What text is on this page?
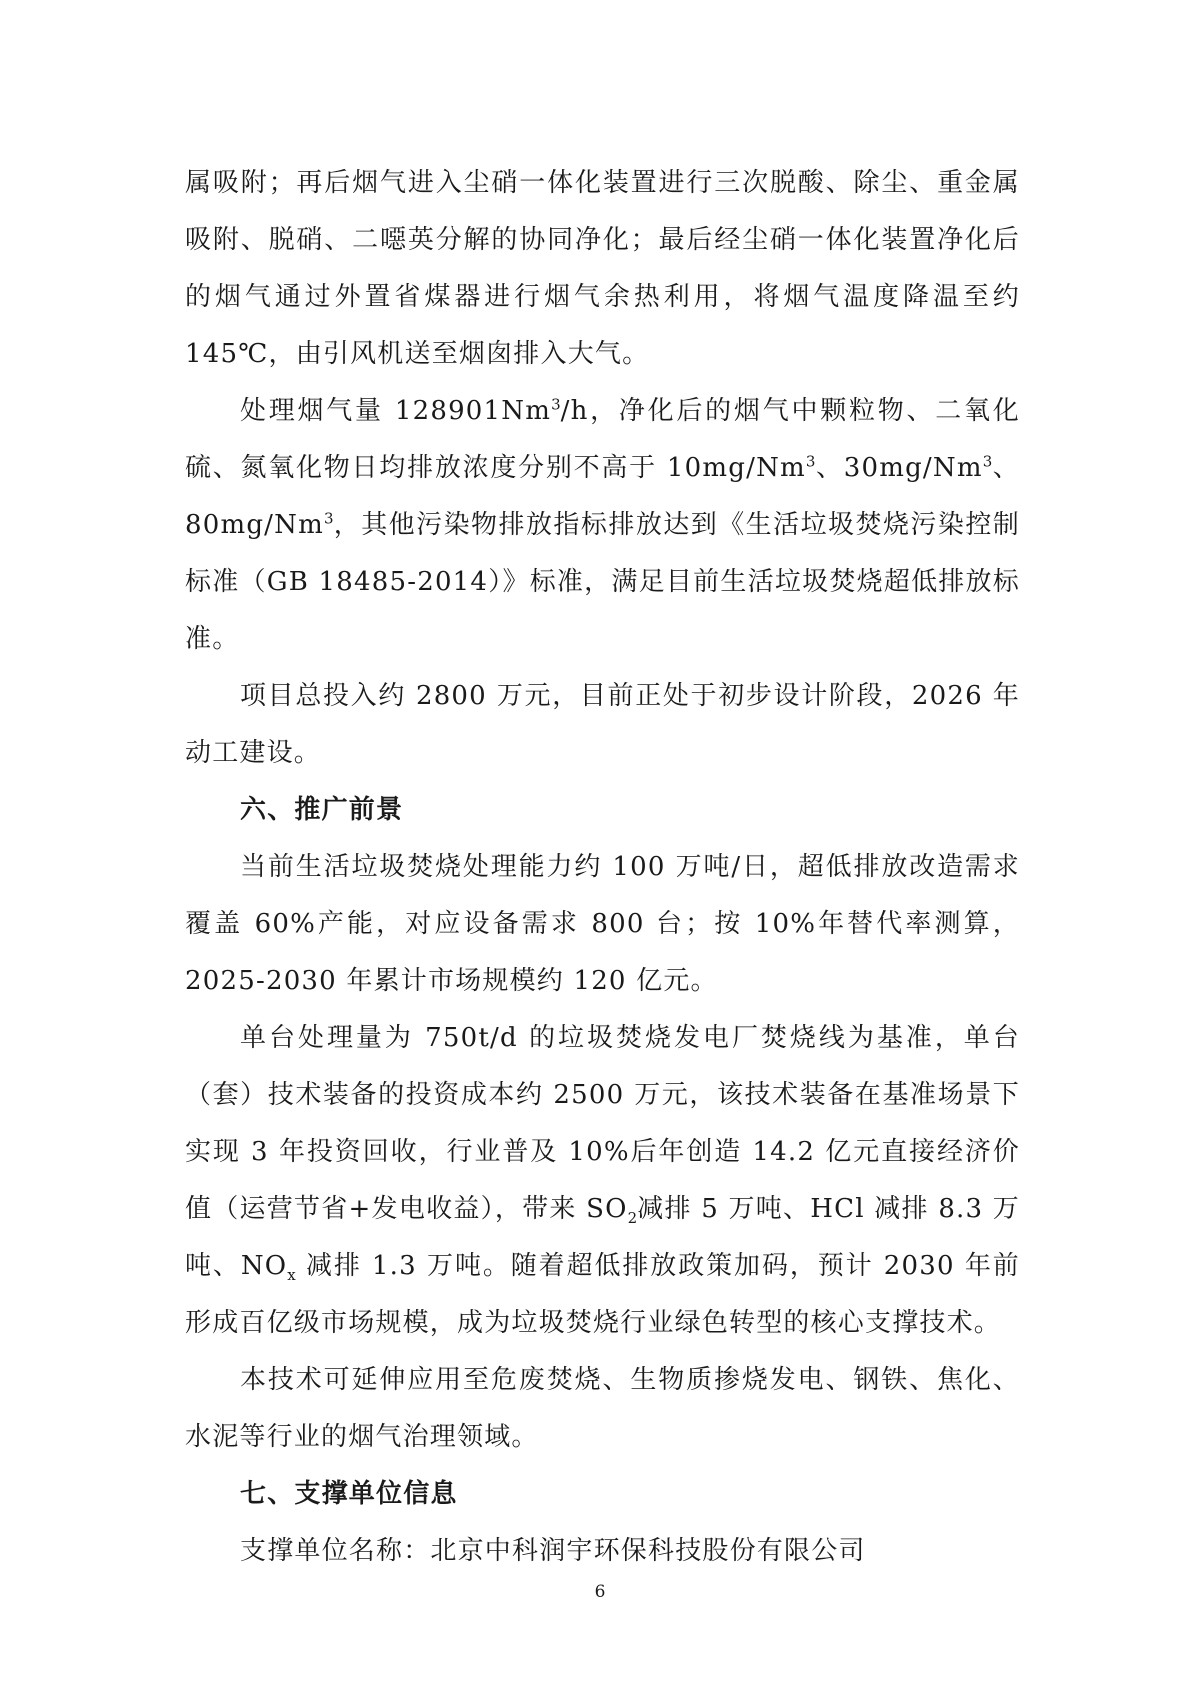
属吸附；再后烟气进入尘硝一体化装置进行三次脱酸、除尘、重金属吸附、脱硝、二噁英分解的协同净化；最后经尘硝一体化装置净化后的烟气通过外置省煤器进行烟气余热利用，将烟气温度降温至约145℃，由引风机送至烟囱排入大气。

处理烟气量 128901Nm$^3$/h，净化后的烟气中颗粒物、二氧化硫、氮氧化物日均排放浓度分别不高于 10mg/Nm$^3$、30mg/Nm$^3$、80mg/Nm$^3$，其他污染物排放指标排放达到《生活垃圾焚烧污染控制标准（GB 18485-2014）》标准，满足目前生活垃圾焚烧超低排放标准。

项目总投入约 2800 万元，目前正处于初步设计阶段，2026 年动工建设。

六、推广前景

当前生活垃圾焚烧处理能力约 100 万吨/日，超低排放改造需求覆盖 60%产能，对应设备需求 800 台；按 10%年替代率测算，2025-2030 年累计市场规模约 120 亿元。

单台处理量为 750t/d 的垃圾焚烧发电厂焚烧线为基准，单台（套）技术装备的投资成本约 2500 万元，该技术装备在基准场景下实现 3 年投资回收，行业普及 10%后年创造 14.2 亿元直接经济价值（运营节省+发电收益），带来 $SO_2$减排 5 万吨、HCl 减排 8.3 万吨、$NO_x$ 减排 1.3 万吨。随着超低排放政策加码，预计 2030 年前形成百亿级市场规模，成为垃圾焚烧行业绿色转型的核心支撑技术。

本技术可延伸应用至危废焚烧、生物质掺烧发电、钢铁、焦化、水泥等行业的烟气治理领域。

七、支撑单位信息

支撑单位名称：北京中科润宇环保科技股份有限公司

6
